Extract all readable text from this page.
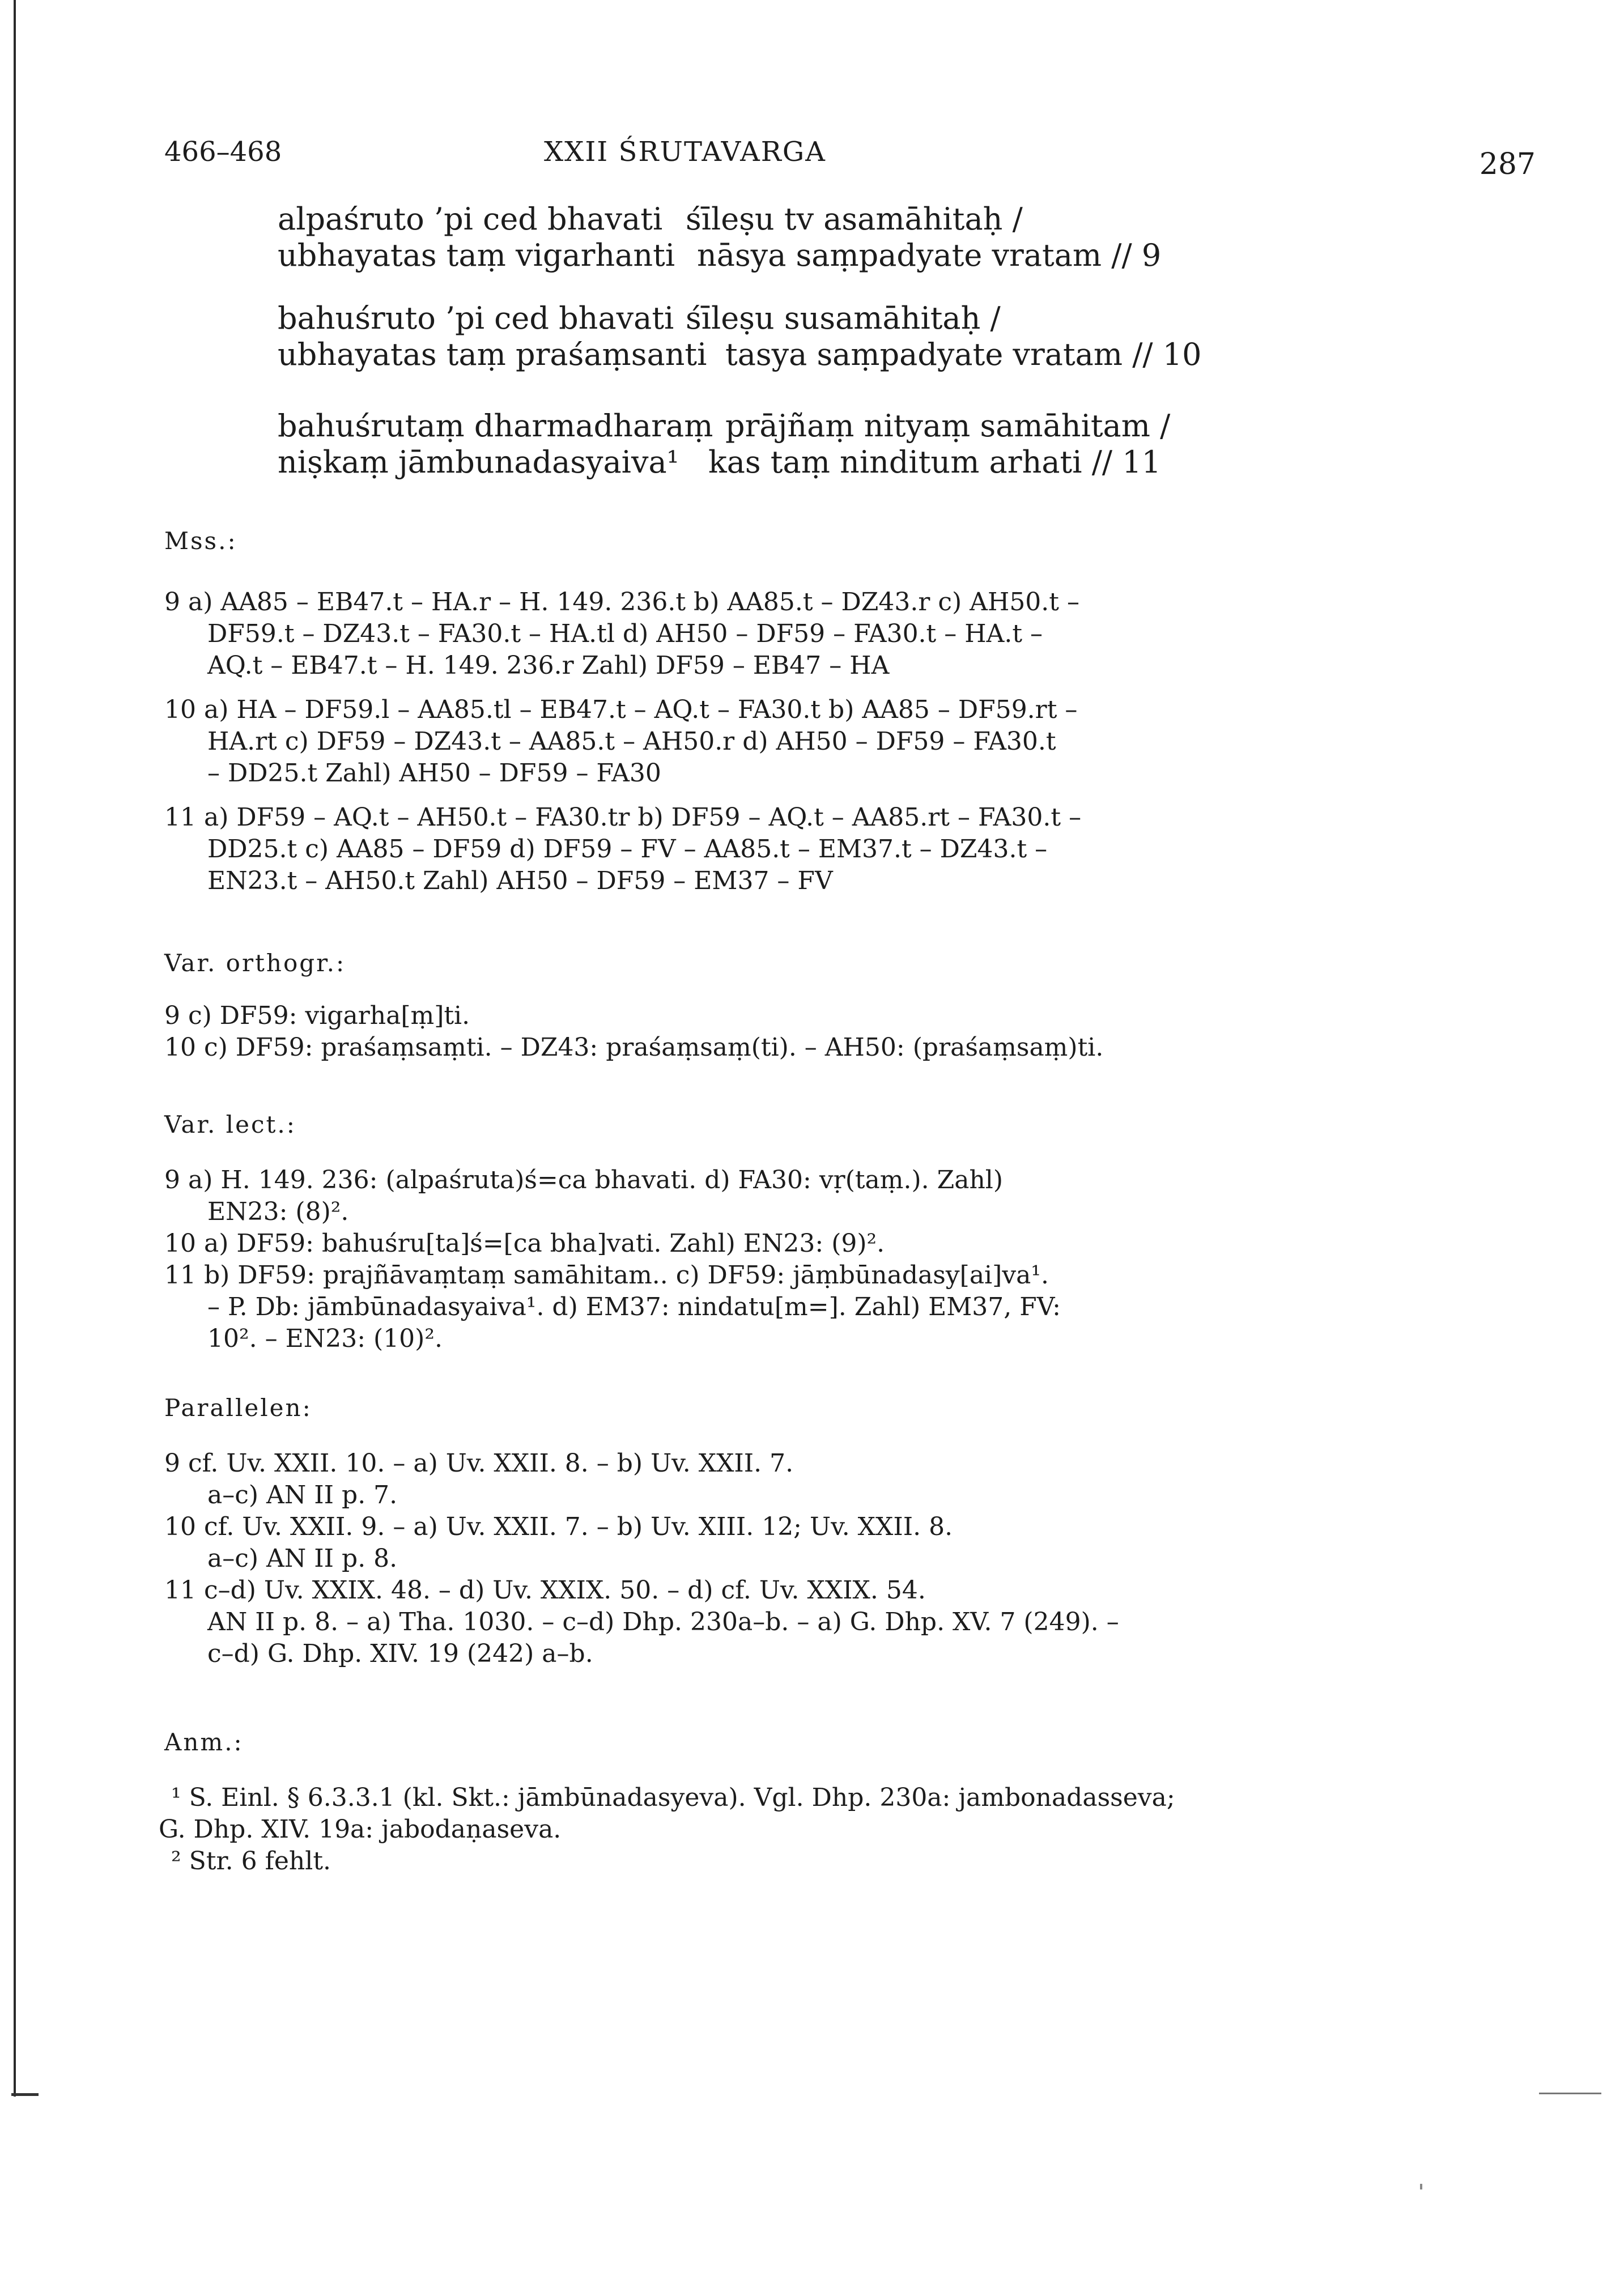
466–468	XXII ŚRUTAVARGA	287
alpaśruto ’pi ced bhavati śīleṣu tv asamāhitaḥ /
ubhayatas taṃ vigarhanti nāsya saṃpadyate vratam // 9
bahuśruto ’pi ced bhavati śīleṣu susamāhitaḥ /
ubhayatas taṃ praśaṃsanti tasya saṃpadyate vratam // 10
bahuśrutaṃ dharmadharaṃ prājñaṃ nityaṃ samāhitam /
niṣkaṃ jāmbunadasyaiva¹ kas taṃ ninditum arhati // 11
Mss.:
9 a) AA85 – EB47.t – HA.r – H. 149. 236.t b) AA85.t – DZ43.r c) AH50.t –
DF59.t – DZ43.t – FA30.t – HA.tl d) AH50 – DF59 – FA30.t – HA.t –
AQ.t – EB47.t – H. 149. 236.r Zahl) DF59 – EB47 – HA
10 a) HA – DF59.l – AA85.tl – EB47.t – AQ.t – FA30.t b) AA85 – DF59.rt –
HA.rt c) DF59 – DZ43.t – AA85.t – AH50.r d) AH50 – DF59 – FA30.t
– DD25.t Zahl) AH50 – DF59 – FA30
11 a) DF59 – AQ.t – AH50.t – FA30.tr b) DF59 – AQ.t – AA85.rt – FA30.t –
DD25.t c) AA85 – DF59 d) DF59 – FV – AA85.t – EM37.t – DZ43.t –
EN23.t – AH50.t Zahl) AH50 – DF59 – EM37 – FV
Var. orthogr.:
9 c) DF59: vigarha[ṃ]ti.
10 c) DF59: praśaṃsaṃti. – DZ43: praśaṃsaṃ(ti). – AH50: (praśaṃsaṃ)ti.
Var. lect.:
9 a) H. 149. 236: (alpaśruta)ś=ca bhavati. d) FA30: vṛ(taṃ.). Zahl)
EN23: (8)².
10 a) DF59: bahuśru[ta]ś=[ca bha]vati. Zahl) EN23: (9)².
11 b) DF59: prajñāvaṃtaṃ samāhitam.. c) DF59: jāṃbūnadasy[ai]va¹.
– P. Db: jāmbūnadasyaiva¹. d) EM37: nindatu[m=]. Zahl) EM37, FV:
10². – EN23: (10)².
Parallelen:
9 cf. Uv. XXII. 10. – a) Uv. XXII. 8. – b) Uv. XXII. 7.
a–c) AN II p. 7.
10 cf. Uv. XXII. 9. – a) Uv. XXII. 7. – b) Uv. XIII. 12; Uv. XXII. 8.
a–c) AN II p. 8.
11 c–d) Uv. XXIX. 48. – d) Uv. XXIX. 50. – d) cf. Uv. XXIX. 54.
AN II p. 8. – a) Tha. 1030. – c–d) Dhp. 230a–b. – a) G. Dhp. XV. 7 (249). –
c–d) G. Dhp. XIV. 19 (242) a–b.
Anm.:
¹ S. Einl. § 6.3.3.1 (kl. Skt.: jāmbūnadasyeva). Vgl. Dhp. 230a: jambonadasseva;
G. Dhp. XIV. 19a: jabodaṇaseva.
² Str. 6 fehlt.
